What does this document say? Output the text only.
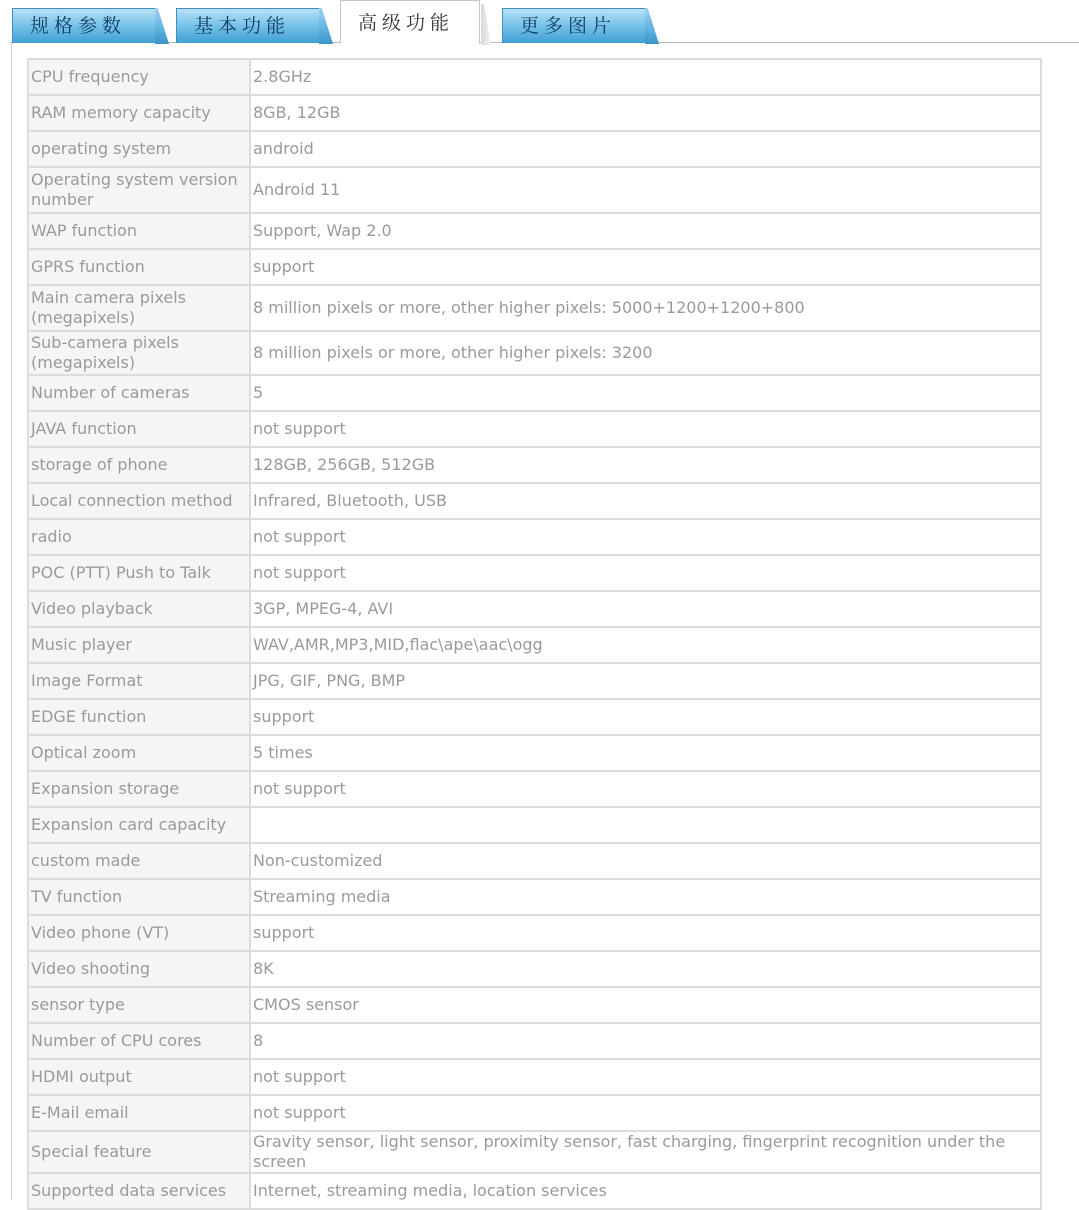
规格参数	基本功能	高级功能	更多图片
CPU frequency	2.8GHz
RAM memory capacity	8GB, 12GB
operating system	android
Operating system version number	Android 11
WAP function	Support, Wap 2.0
GPRS function	support
Main camera pixels (megapixels)	8 million pixels or more, other higher pixels: 5000+1200+1200+800
Sub-camera pixels (megapixels)	8 million pixels or more, other higher pixels: 3200
Number of cameras	5
JAVA function	not support
storage of phone	128GB, 256GB, 512GB
Local connection method	Infrared, Bluetooth, USB
radio	not support
POC (PTT) Push to Talk	not support
Video playback	3GP, MPEG-4, AVI
Music player	WAV,AMR,MP3,MID,flac\ape\aac\ogg
Image Format	JPG, GIF, PNG, BMP
EDGE function	support
Optical zoom	5 times
Expansion storage	not support
Expansion card capacity	
custom made	Non-customized
TV function	Streaming media
Video phone (VT)	support
Video shooting	8K
sensor type	CMOS sensor
Number of CPU cores	8
HDMI output	not support
E-Mail email	not support
Special feature	Gravity sensor, light sensor, proximity sensor, fast charging, fingerprint recognition under the screen
Supported data services	Internet, streaming media, location services
